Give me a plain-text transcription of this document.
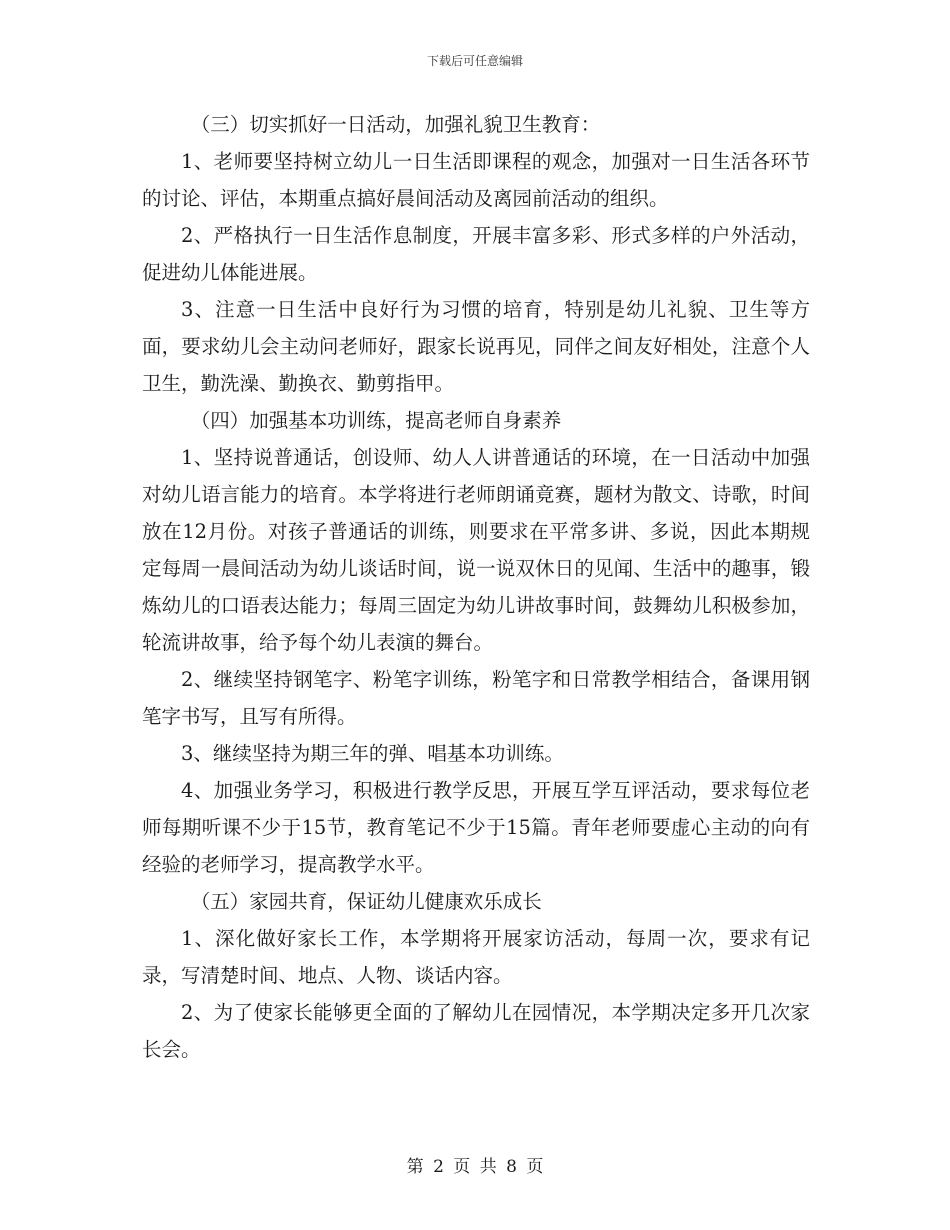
下载后可任意编辑

（三）切实抓好一日活动，加强礼貌卫生教育：

1、老师要坚持树立幼儿一日生活即课程的观念，加强对一日生活各环节的讨论、评估，本期重点搞好晨间活动及离园前活动的组织。

2、严格执行一日生活作息制度，开展丰富多彩、形式多样的户外活动，促进幼儿体能进展。

3、注意一日生活中良好行为习惯的培育，特别是幼儿礼貌、卫生等方面，要求幼儿会主动问老师好，跟家长说再见，同伴之间友好相处，注意个人卫生，勤洗澡、勤换衣、勤剪指甲。

（四）加强基本功训练，提高老师自身素养

1、坚持说普通话，创设师、幼人人讲普通话的环境，在一日活动中加强对幼儿语言能力的培育。本学将进行老师朗诵竟赛，题材为散文、诗歌，时间放在12月份。对孩子普通话的训练，则要求在平常多讲、多说，因此本期规定每周一晨间活动为幼儿谈话时间，说一说双休日的见闻、生活中的趣事，锻炼幼儿的口语表达能力；每周三固定为幼儿讲故事时间，鼓舞幼儿积极参加，轮流讲故事，给予每个幼儿表演的舞台。

2、继续坚持钢笔字、粉笔字训练，粉笔字和日常教学相结合，备课用钢笔字书写，且写有所得。

3、继续坚持为期三年的弹、唱基本功训练。

4、加强业务学习，积极进行教学反思，开展互学互评活动，要求每位老师每期听课不少于15节，教育笔记不少于15篇。青年老师要虚心主动的向有经验的老师学习，提高教学水平。

（五）家园共育，保证幼儿健康欢乐成长

1、深化做好家长工作，本学期将开展家访活动，每周一次，要求有记录，写清楚时间、地点、人物、谈话内容。

2、为了使家长能够更全面的了解幼儿在园情况，本学期决定多开几次家长会。

第 2 页 共 8 页
